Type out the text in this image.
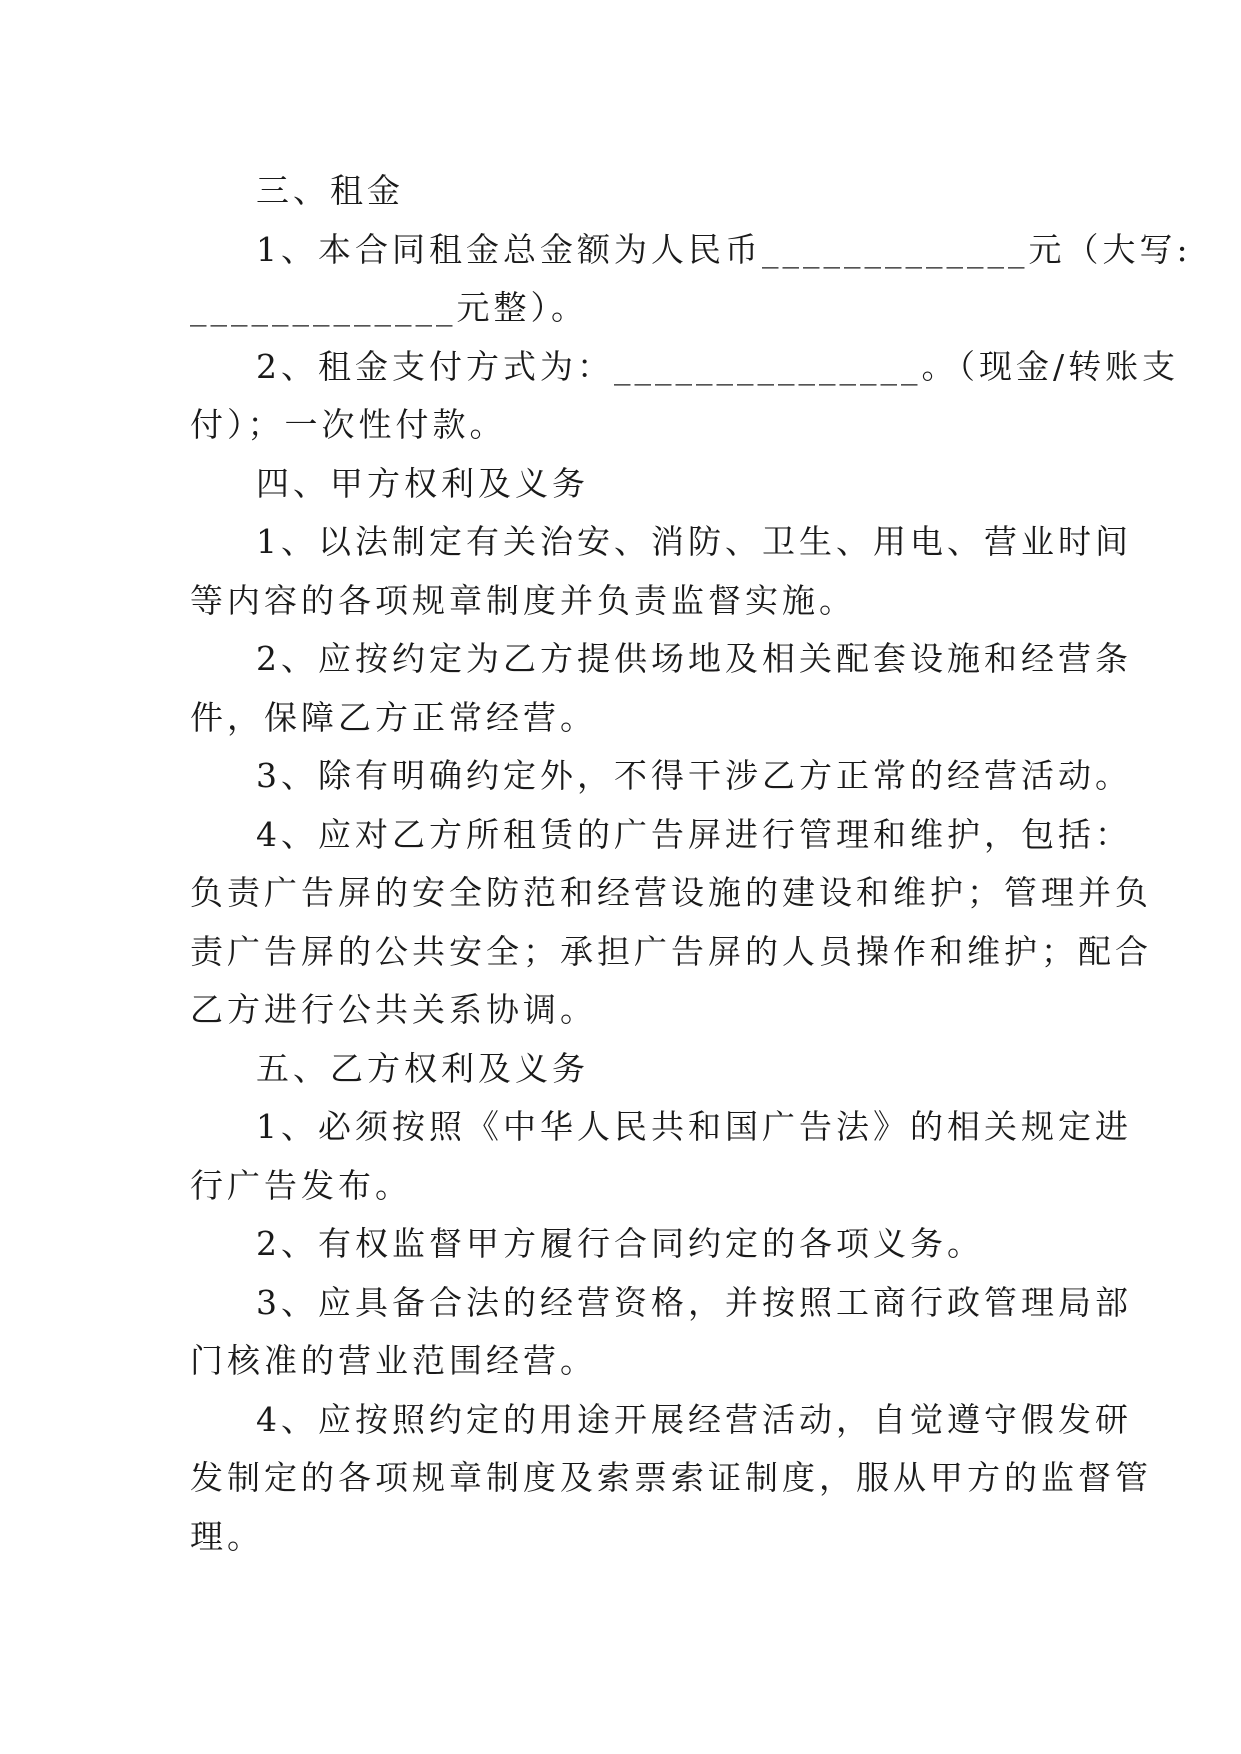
三、租金
1、本合同租金总金额为人民币_____________元（大写:
_____________元整）。
2、租金支付方式为：_______________。（现金/转账支
付）；一次性付款。
四、甲方权利及义务
1、以法制定有关治安、消防、卫生、用电、营业时间
等内容的各项规章制度并负责监督实施。
2、应按约定为乙方提供场地及相关配套设施和经营条
件，保障乙方正常经营。
3、除有明确约定外，不得干涉乙方正常的经营活动。
4、应对乙方所租赁的广告屏进行管理和维护，包括：
负责广告屏的安全防范和经营设施的建设和维护；管理并负
责广告屏的公共安全；承担广告屏的人员操作和维护；配合
乙方进行公共关系协调。
五、乙方权利及义务
1、必须按照《中华人民共和国广告法》的相关规定进
行广告发布。
2、有权监督甲方履行合同约定的各项义务。
3、应具备合法的经营资格，并按照工商行政管理局部
门核准的营业范围经营。
4、应按照约定的用途开展经营活动，自觉遵守假发研
发制定的各项规章制度及索票索证制度，服从甲方的监督管
理。
